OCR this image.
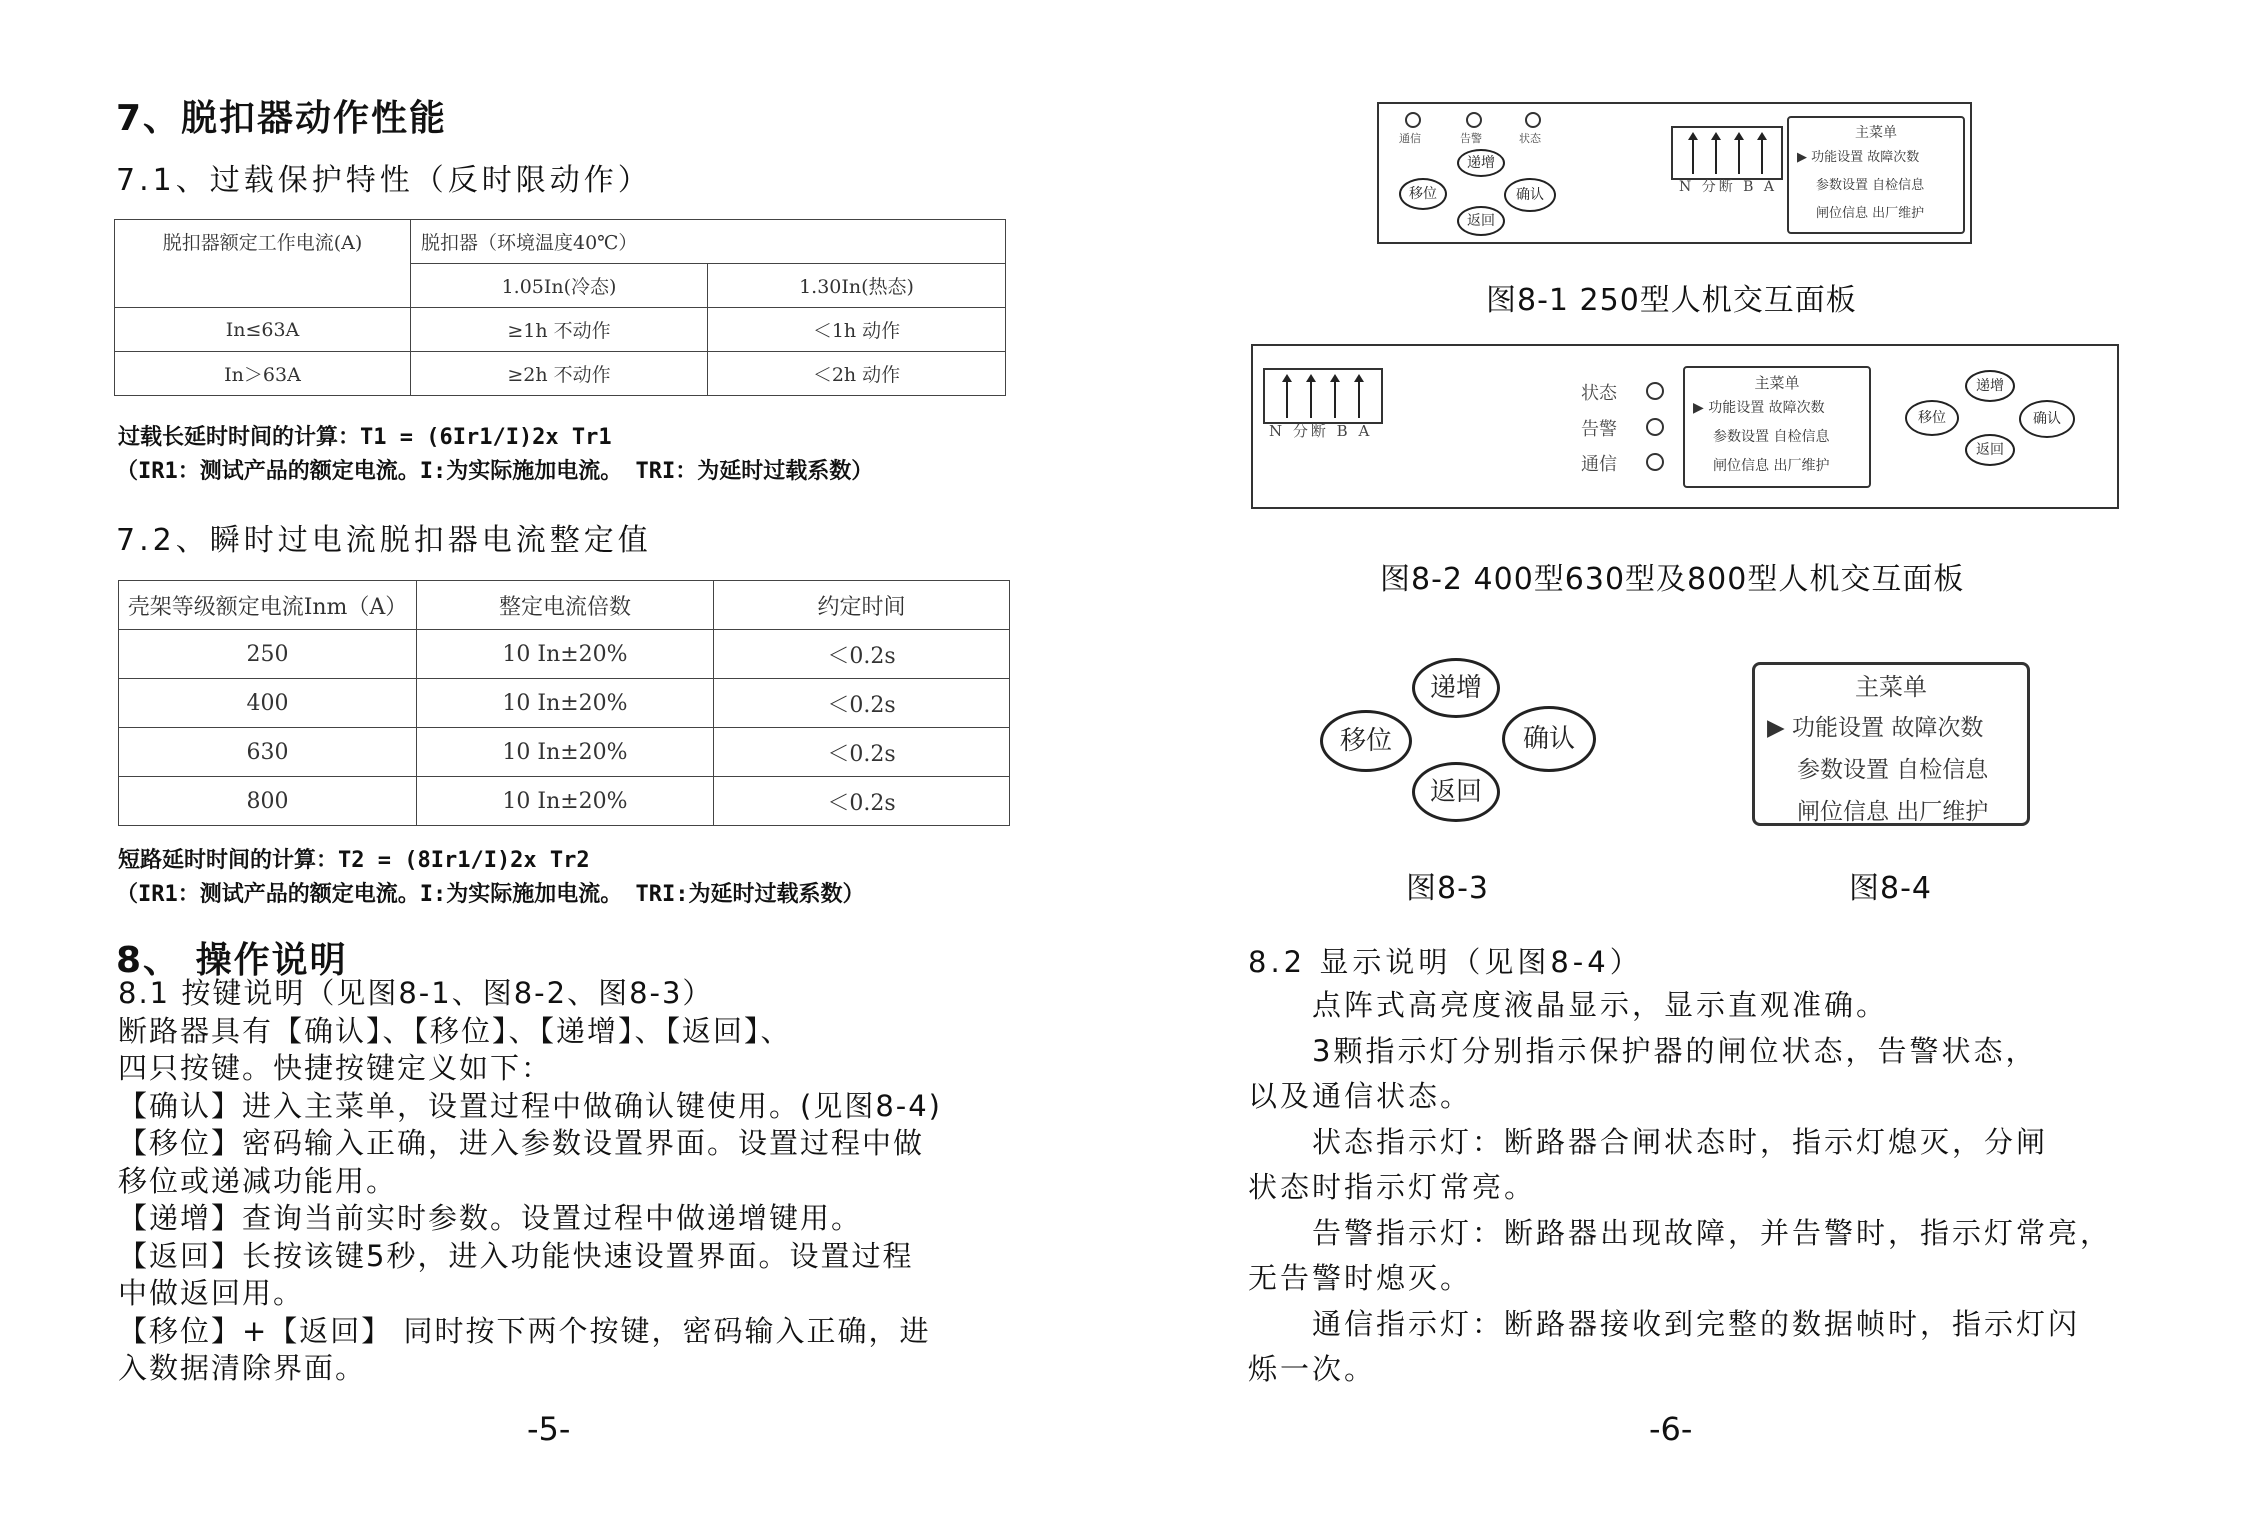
7、脱扣器动作性能
7.1、过载保护特性（反时限动作）
脱扣器额定工作电流(A)	脱扣器（环境温度40℃）	
	1.05In(冷态)	1.30In(热态)
In≤63A	≥1h 不动作	＜1h 动作
In＞63A	≥2h 不动作	＜2h 动作
过载长延时时间的计算：T1 = (6Ir1/I)2x Tr1
（IR1：测试产品的额定电流。I:为实际施加电流。 TRI：为延时过载系数）
7.2、瞬时过电流脱扣器电流整定值
壳架等级额定电流Inm（A）	整定电流倍数	约定时间
250	10 In±20%	＜0.2s
400	10 In±20%	＜0.2s
630	10 In±20%	＜0.2s
800	10 In±20%	＜0.2s
短路延时时间的计算：T2 = (8Ir1/I)2x Tr2
（IR1：测试产品的额定电流。I:为实际施加电流。 TRI:为延时过载系数）
8、 操作说明
8.1 按键说明（见图8-1、图8-2、图8-3）
断路器具有【确认】、【移位】、【递增】、【返回】、
四只按键。快捷按键定义如下：
【确认】进入主菜单，设置过程中做确认键使用。(见图8-4)
【移位】密码输入正确，进入参数设置界面。设置过程中做
移位或递减功能用。
【递增】查询当前实时参数。设置过程中做递增键用。
【返回】长按该键5秒，进入功能快速设置界面。设置过程
中做返回用。
【移位】+【返回】 同时按下两个按键，密码输入正确，进
入数据清除界面。
-5-
通信	告警	状态
递增
移位	确认
返回
N 分断 B A
主菜单
▶ 功能设置 故障次数
参数设置 自检信息
闸位信息 出厂维护
图8-1 250型人机交互面板
N 分断 B A
状态
告警
通信
主菜单
▶ 功能设置 故障次数
参数设置 自检信息
闸位信息 出厂维护
递增
移位	确认
返回
图8-2 400型630型及800型人机交互面板
递增
移位	确认
返回
图8-3
主菜单
▶ 功能设置 故障次数
参数设置 自检信息
闸位信息 出厂维护
图8-4
8.2 显示说明（见图8-4）
点阵式高亮度液晶显示，显示直观准确。
3颗指示灯分别指示保护器的闸位状态，告警状态，
以及通信状态。
状态指示灯：断路器合闸状态时，指示灯熄灭，分闸
状态时指示灯常亮。
告警指示灯：断路器出现故障，并告警时，指示灯常亮，
无告警时熄灭。
通信指示灯：断路器接收到完整的数据帧时，指示灯闪
烁一次。
-6-
